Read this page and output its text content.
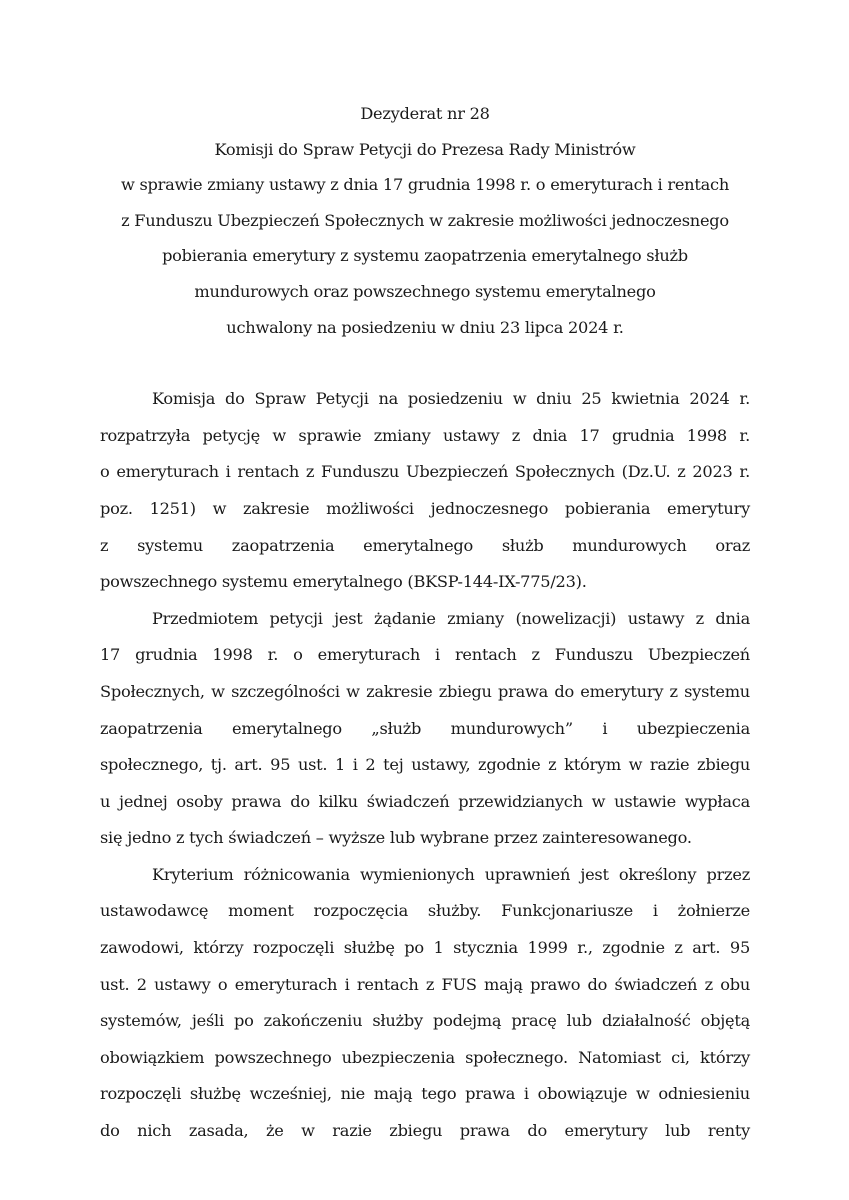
Dezyderat nr 28
Komisji do Spraw Petycji do Prezesa Rady Ministrów
w sprawie zmiany ustawy z dnia 17 grudnia 1998 r. o emeryturach i rentach
z Funduszu Ubezpieczeń Społecznych w zakresie możliwości jednoczesnego
pobierania emerytury z systemu zaopatrzenia emerytalnego służb
mundurowych oraz powszechnego systemu emerytalnego
uchwalony na posiedzeniu w dniu 23 lipca 2024 r.
Komisja do Spraw Petycji na posiedzeniu w dniu 25 kwietnia 2024 r.
rozpatrzyła petycję w sprawie zmiany ustawy z dnia 17 grudnia 1998 r.
o emeryturach i rentach z Funduszu Ubezpieczeń Społecznych (Dz.U. z 2023 r.
poz. 1251) w zakresie możliwości jednoczesnego pobierania emerytury
z systemu zaopatrzenia emerytalnego służb mundurowych oraz
powszechnego systemu emerytalnego (BKSP-144-IX-775/23).
Przedmiotem petycji jest żądanie zmiany (nowelizacji) ustawy z dnia
17 grudnia 1998 r. o emeryturach i rentach z Funduszu Ubezpieczeń
Społecznych, w szczególności w zakresie zbiegu prawa do emerytury z systemu
zaopatrzenia emerytalnego „służb mundurowych” i ubezpieczenia
społecznego, tj. art. 95 ust. 1 i 2 tej ustawy, zgodnie z którym w razie zbiegu
u jednej osoby prawa do kilku świadczeń przewidzianych w ustawie wypłaca
się jedno z tych świadczeń – wyższe lub wybrane przez zainteresowanego.
Kryterium różnicowania wymienionych uprawnień jest określony przez
ustawodawcę moment rozpoczęcia służby. Funkcjonariusze i żołnierze
zawodowi, którzy rozpoczęli służbę po 1 stycznia 1999 r., zgodnie z art. 95
ust. 2 ustawy o emeryturach i rentach z FUS mają prawo do świadczeń z obu
systemów, jeśli po zakończeniu służby podejmą pracę lub działalność objętą
obowiązkiem powszechnego ubezpieczenia społecznego. Natomiast ci, którzy
rozpoczęli służbę wcześniej, nie mają tego prawa i obowiązuje w odniesieniu
do nich zasada, że w razie zbiegu prawa do emerytury lub renty
